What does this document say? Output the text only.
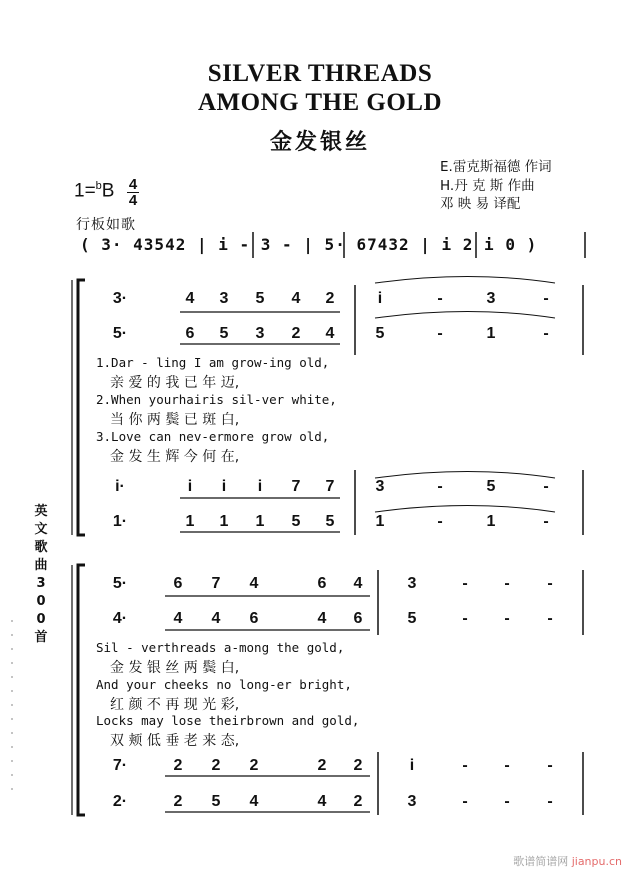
SILVER THREADS
AMONG THE GOLD
金发银丝
E.雷克斯福德 作词
H.丹 克 斯 作曲
邓 映 易 译配
1=$^b$B 4
4
行板如歌
( 3· 43542 | i - 3 - | 5· 67432 | i 2 i 0 )
3·	4	3	5	4	2	i	-	3	-
5·	6	5	3	2	4	5	-	1	-
1.Dar - ling I am grow-ing old,
亲 爱 的 我 已 年 迈,
2.When yourhairis sil-ver white,
当 你 两 鬓 已 斑 白,
3.Love can nev-ermore grow old,
金 发 生 辉 今 何 在,
i·	i	i	i	7	7	3	-	5	-
1·	1	1	1	5	5	1	-	1	-
5·	6	7	4	6	4	3	-	-	-
4·	4	4	6	4	6	5	-	-	-
Sil - verthreads a-mong the gold,
金 发 银 丝 两 鬓 白,
And your cheeks no long-er bright,
红 颜 不 再 现 光 彩,
Locks may lose theirbrown and gold,
双 颊 低 垂 老 来 态,
7·	2	2	2	2	2	i	-	-	-
2·	2	5	4	4	2	3	-	-	-
英文歌曲300首
歌谱简谱网 jianpu.cn
